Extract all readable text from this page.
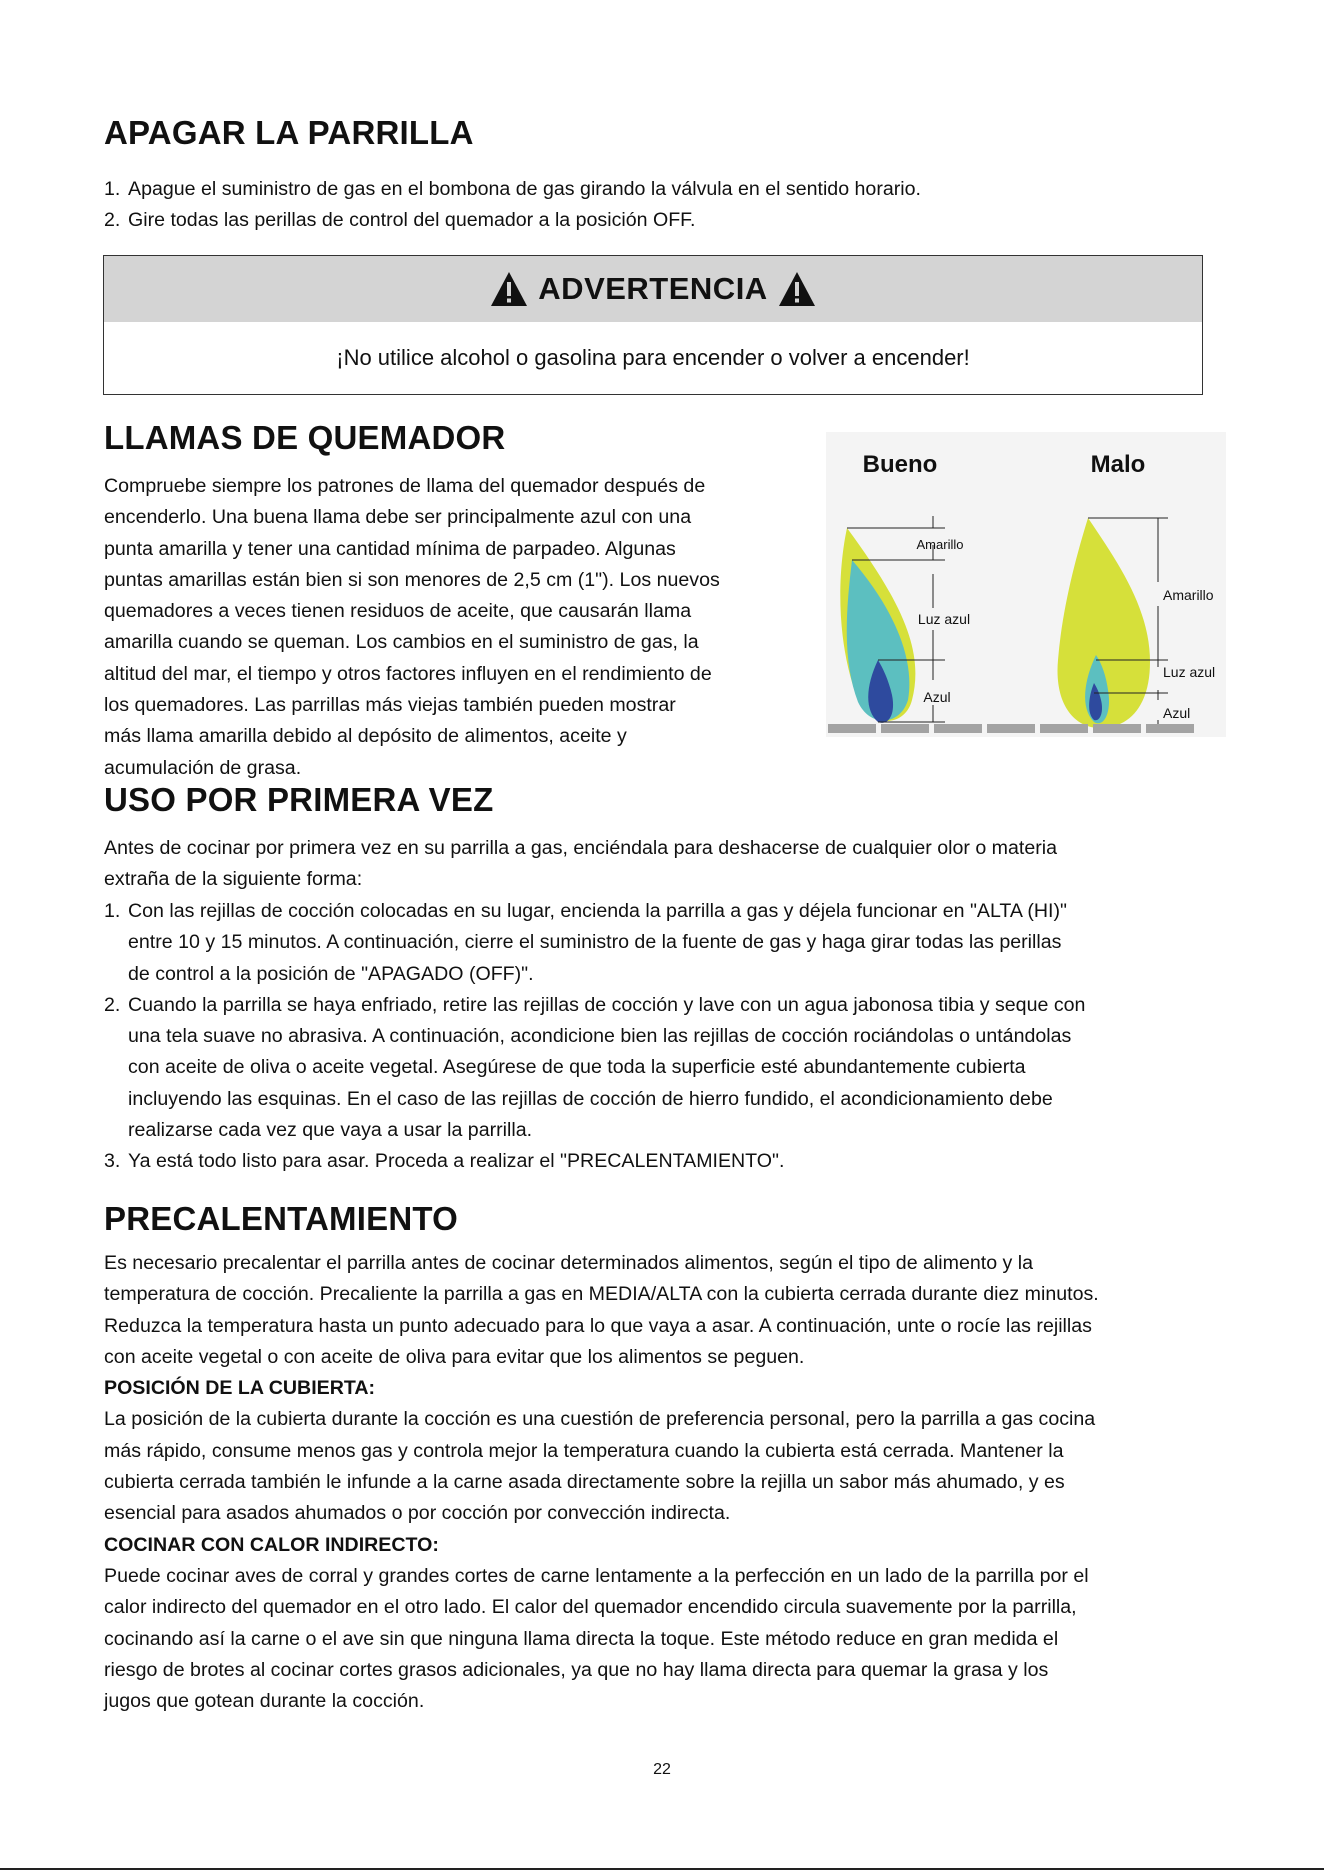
APAGAR LA PARRILLA
1. Apague el suministro de gas en el bombona de gas girando la válvula en el sentido horario.
2. Gire todas las perillas de control del quemador a la posición OFF.
ADVERTENCIA
¡No utilice alcohol o gasolina para encender o volver a encender!
LLAMAS DE QUEMADOR
Compruebe siempre los patrones de llama del quemador después de
encenderlo. Una buena llama debe ser principalmente azul con una
punta amarilla y tener una cantidad mínima de parpadeo. Algunas
puntas amarillas están bien si son menores de 2,5 cm (1"). Los nuevos
quemadores a veces tienen residuos de aceite, que causarán llama
amarilla cuando se queman. Los cambios en el suministro de gas, la
altitud del mar, el tiempo y otros factores influyen en el rendimiento de
los quemadores. Las parrillas más viejas también pueden mostrar
más llama amarilla debido al depósito de alimentos, aceite y
acumulación de grasa.
Bueno	Malo
Amarillo
Luz azul
Azul
Amarillo
Luz azul
Azul
USO POR PRIMERA VEZ
Antes de cocinar por primera vez en su parrilla a gas, enciéndala para deshacerse de cualquier olor o materia
extraña de la siguiente forma:
1. Con las rejillas de cocción colocadas en su lugar, encienda la parrilla a gas y déjela funcionar en "ALTA (HI)"
entre 10 y 15 minutos. A continuación, cierre el suministro de la fuente de gas y haga girar todas las perillas
de control a la posición de "APAGADO (OFF)".
2. Cuando la parrilla se haya enfriado, retire las rejillas de cocción y lave con un agua jabonosa tibia y seque con
una tela suave no abrasiva. A continuación, acondicione bien las rejillas de cocción rociándolas o untándolas
con aceite de oliva o aceite vegetal. Asegúrese de que toda la superficie esté abundantemente cubierta
incluyendo las esquinas. En el caso de las rejillas de cocción de hierro fundido, el acondicionamiento debe
realizarse cada vez que vaya a usar la parrilla.
3. Ya está todo listo para asar. Proceda a realizar el "PRECALENTAMIENTO".
PRECALENTAMIENTO
Es necesario precalentar el parrilla antes de cocinar determinados alimentos, según el tipo de alimento y la
temperatura de cocción. Precaliente la parrilla a gas en MEDIA/ALTA con la cubierta cerrada durante diez minutos.
Reduzca la temperatura hasta un punto adecuado para lo que vaya a asar. A continuación, unte o rocíe las rejillas
con aceite vegetal o con aceite de oliva para evitar que los alimentos se peguen.
POSICIÓN DE LA CUBIERTA:
La posición de la cubierta durante la cocción es una cuestión de preferencia personal, pero la parrilla a gas cocina
más rápido, consume menos gas y controla mejor la temperatura cuando la cubierta está cerrada. Mantener la
cubierta cerrada también le infunde a la carne asada directamente sobre la rejilla un sabor más ahumado, y es
esencial para asados ahumados o por cocción por convección indirecta.
COCINAR CON CALOR INDIRECTO:
Puede cocinar aves de corral y grandes cortes de carne lentamente a la perfección en un lado de la parrilla por el
calor indirecto del quemador en el otro lado. El calor del quemador encendido circula suavemente por la parrilla,
cocinando así la carne o el ave sin que ninguna llama directa la toque. Este método reduce en gran medida el
riesgo de brotes al cocinar cortes grasos adicionales, ya que no hay llama directa para quemar la grasa y los
jugos que gotean durante la cocción.
22
